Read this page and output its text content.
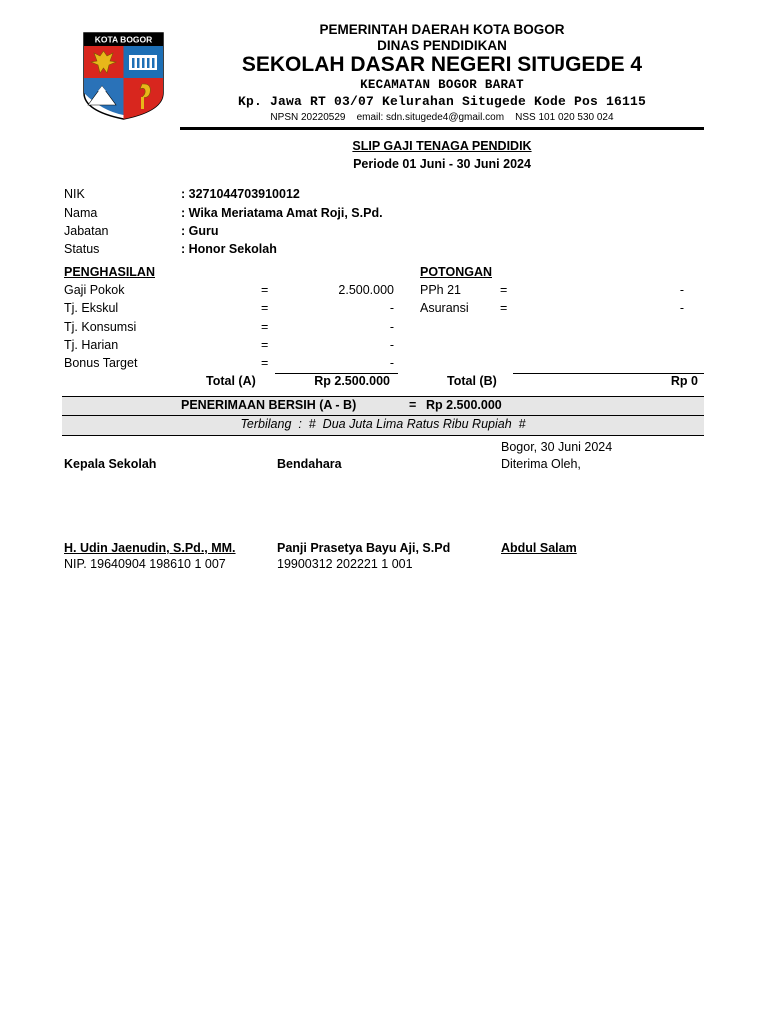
KOTA BOGOR
PEMERINTAH DAERAH KOTA BOGOR
DINAS PENDIDIKAN
SEKOLAH DASAR NEGERI SITUGEDE 4
KECAMATAN BOGOR BARAT
Kp. Jawa RT 03/07 Kelurahan Situgede Kode Pos 16115
NPSN 20220529    email: sdn.situgede4@gmail.com    NSS 101 020 530 024
SLIP GAJI TENAGA PENDIDIK
Periode 01 Juni - 30 Juni 2024
NIK	: 3271044703910012
Nama	: Wika Meriatama Amat Roji, S.Pd.
Jabatan	: Guru
Status	: Honor Sekolah
PENGHASILAN
Gaji Pokok	=	2.500.000
Tj. Ekskul	=	-
Tj. Konsumsi	=	-
Tj. Harian	=	-
Bonus Target	=	-
Total (A)	Rp 2.500.000
POTONGAN
PPh 21	=	-
Asuransi	=	-
Total (B)	Rp 0
PENERIMAAN BERSIH (A - B)	= Rp 2.500.000
Terbilang  :  #  Dua Juta Lima Ratus Ribu Rupiah  #
Bogor, 30 Juni 2024
Kepala Sekolah	Bendahara	Diterima Oleh,
H. Udin Jaenudin, S.Pd., MM.	Panji Prasetya Bayu Aji, S.Pd	Abdul Salam
NIP. 19640904 198610 1 007	19900312 202221 1 001
